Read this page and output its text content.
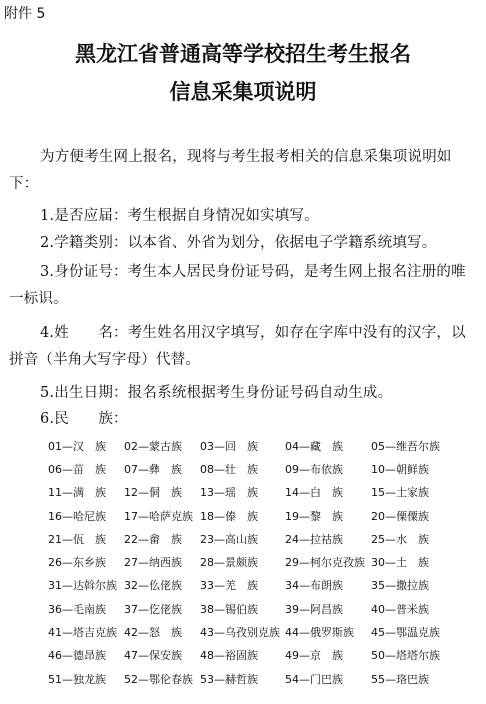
附件 5
黑龙江省普通高等学校招生考生报名
信息采集项说明
为方便考生网上报名，现将与考生报考相关的信息采集项说明如下：
1.是否应届：考生根据自身情况如实填写。
2.学籍类别：以本省、外省为划分，依据电子学籍系统填写。
3.身份证号：考生本人居民身份证号码，是考生网上报名注册的唯一标识。
4.姓　　名：考生姓名用汉字填写，如存在字库中没有的汉字，以拼音（半角大写字母）代替。
5.出生日期：报名系统根据考生身份证号码自动生成。
6.民　　族：
01—汉　族	02—蒙古族	03—回　族	04—藏　族	05—维吾尔族
06—苗　族	07—彝　族	08—壮　族	09—布依族	10—朝鲜族
11—满　族	12—侗　族	13—瑶　族	14—白　族	15—土家族
16—哈尼族	17—哈萨克族 18—傣　族	19—黎　族	20—傈僳族
21—佤　族	22—畲　族	23—高山族	24—拉祜族	25—水　族
26—东乡族	27—纳西族	28—景颇族	29—柯尔克孜族 30—土　族
31—达斡尔族 32—仫佬族	33—羌　族	34—布朗族	35—撒拉族
36—毛南族	37—仡佬族	38—锡伯族	39—阿昌族	40—普米族
41—塔吉克族 42—怒　族	43—乌孜别克族 44—俄罗斯族	45—鄂温克族
46—德昂族	47—保安族	48—裕固族	49—京　族	50—塔塔尔族
51—独龙族	52—鄂伦春族 53—赫哲族	54—门巴族	55—珞巴族
